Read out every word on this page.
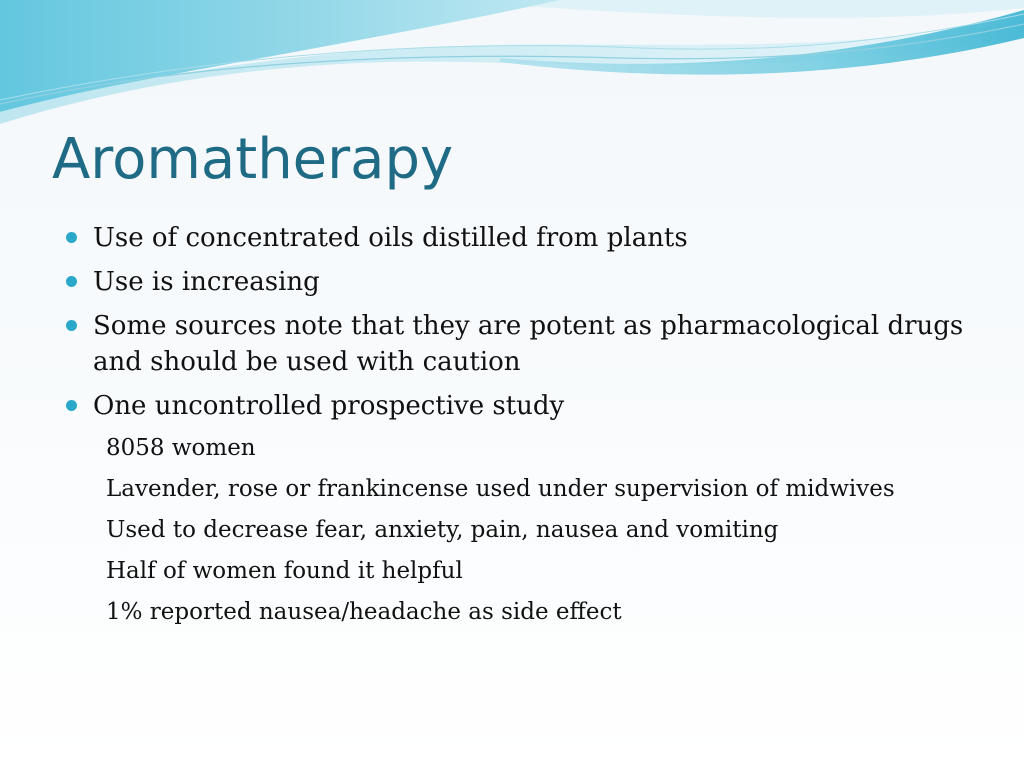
Aromatherapy
Use of concentrated oils distilled from plants
Use is increasing
Some sources note that they are potent as pharmacological drugs and should be used with caution
One uncontrolled prospective study
8058 women
Lavender, rose or frankincense used under supervision of midwives
Used to decrease fear, anxiety, pain, nausea and vomiting
Half of women found it helpful
1% reported nausea/headache as side effect
